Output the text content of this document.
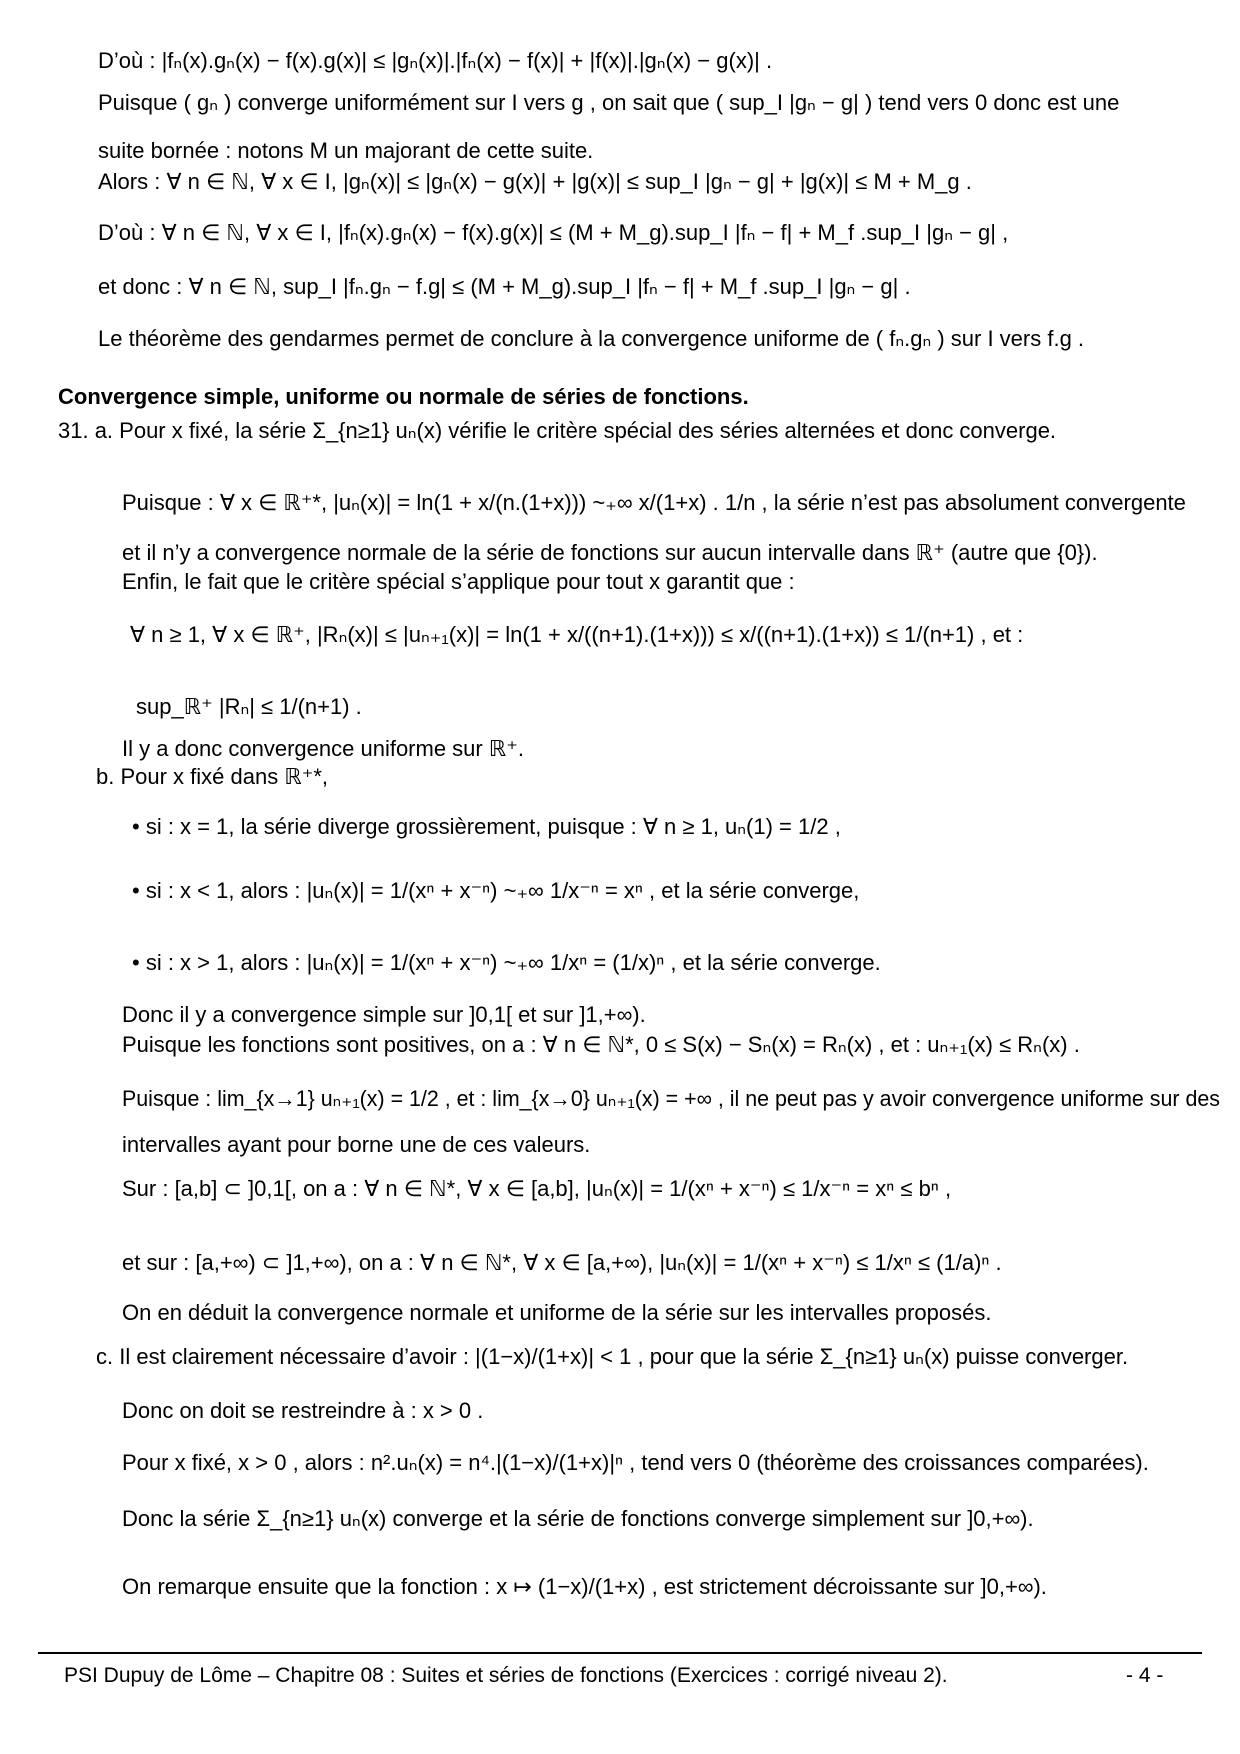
D’où : |fₙ(x).gₙ(x) − f(x).g(x)| ≤ |gₙ(x)|.|fₙ(x) − f(x)| + |f(x)|.|gₙ(x) − g(x)| .
Puisque ( gₙ ) converge uniformément sur I vers g , on sait que ( sup_I |gₙ − g| ) tend vers 0 donc est une
suite bornée : notons M un majorant de cette suite.
Alors : ∀ n ∈ ℕ, ∀ x ∈ I, |gₙ(x)| ≤ |gₙ(x) − g(x)| + |g(x)| ≤ sup_I |gₙ − g| + |g(x)| ≤ M + M_g .
D’où : ∀ n ∈ ℕ, ∀ x ∈ I, |fₙ(x).gₙ(x) − f(x).g(x)| ≤ (M + M_g).sup_I |fₙ − f| + M_f .sup_I |gₙ − g| ,
et donc : ∀ n ∈ ℕ, sup_I |fₙ.gₙ − f.g| ≤ (M + M_g).sup_I |fₙ − f| + M_f .sup_I |gₙ − g| .
Le théorème des gendarmes permet de conclure à la convergence uniforme de ( fₙ.gₙ ) sur I vers f.g .
Convergence simple, uniforme ou normale de séries de fonctions.
31. a. Pour x fixé, la série Σ_{n≥1} uₙ(x) vérifie le critère spécial des séries alternées et donc converge.
Puisque : ∀ x ∈ ℝ⁺*, |uₙ(x)| = ln(1 + x/(n.(1+x))) ~₊∞ x/(1+x) . 1/n , la série n’est pas absolument convergente
et il n’y a convergence normale de la série de fonctions sur aucun intervalle dans ℝ⁺ (autre que {0}).
Enfin, le fait que le critère spécial s’applique pour tout x garantit que :
∀ n ≥ 1, ∀ x ∈ ℝ⁺, |Rₙ(x)| ≤ |uₙ₊₁(x)| = ln(1 + x/((n+1).(1+x))) ≤ x/((n+1).(1+x)) ≤ 1/(n+1) , et :
sup_ℝ⁺ |Rₙ| ≤ 1/(n+1) .
Il y a donc convergence uniforme sur ℝ⁺.
b. Pour x fixé dans ℝ⁺*,
• si : x = 1, la série diverge grossièrement, puisque : ∀ n ≥ 1, uₙ(1) = 1/2 ,
• si : x < 1, alors : |uₙ(x)| = 1/(xⁿ + x⁻ⁿ) ~₊∞ 1/x⁻ⁿ = xⁿ , et la série converge,
• si : x > 1, alors : |uₙ(x)| = 1/(xⁿ + x⁻ⁿ) ~₊∞ 1/xⁿ = (1/x)ⁿ , et la série converge.
Donc il y a convergence simple sur ]0,1[ et sur ]1,+∞).
Puisque les fonctions sont positives, on a : ∀ n ∈ ℕ*, 0 ≤ S(x) − Sₙ(x) = Rₙ(x) , et : uₙ₊₁(x) ≤ Rₙ(x) .
Puisque : lim_{x→1} uₙ₊₁(x) = 1/2 , et : lim_{x→0} uₙ₊₁(x) = +∞ , il ne peut pas y avoir convergence uniforme sur des
intervalles ayant pour borne une de ces valeurs.
Sur : [a,b] ⊂ ]0,1[, on a : ∀ n ∈ ℕ*, ∀ x ∈ [a,b], |uₙ(x)| = 1/(xⁿ + x⁻ⁿ) ≤ 1/x⁻ⁿ = xⁿ ≤ bⁿ ,
et sur : [a,+∞) ⊂ ]1,+∞), on a : ∀ n ∈ ℕ*, ∀ x ∈ [a,+∞), |uₙ(x)| = 1/(xⁿ + x⁻ⁿ) ≤ 1/xⁿ ≤ (1/a)ⁿ .
On en déduit la convergence normale et uniforme de la série sur les intervalles proposés.
c. Il est clairement nécessaire d’avoir : |(1−x)/(1+x)| < 1 , pour que la série Σ_{n≥1} uₙ(x) puisse converger.
Donc on doit se restreindre à : x > 0 .
Pour x fixé, x > 0 , alors : n².uₙ(x) = n⁴.|(1−x)/(1+x)|ⁿ , tend vers 0 (théorème des croissances comparées).
Donc la série Σ_{n≥1} uₙ(x) converge et la série de fonctions converge simplement sur ]0,+∞).
On remarque ensuite que la fonction : x ↦ (1−x)/(1+x) , est strictement décroissante sur ]0,+∞).
PSI Dupuy de Lôme – Chapitre 08 : Suites et séries de fonctions (Exercices : corrigé niveau 2).	- 4 -
